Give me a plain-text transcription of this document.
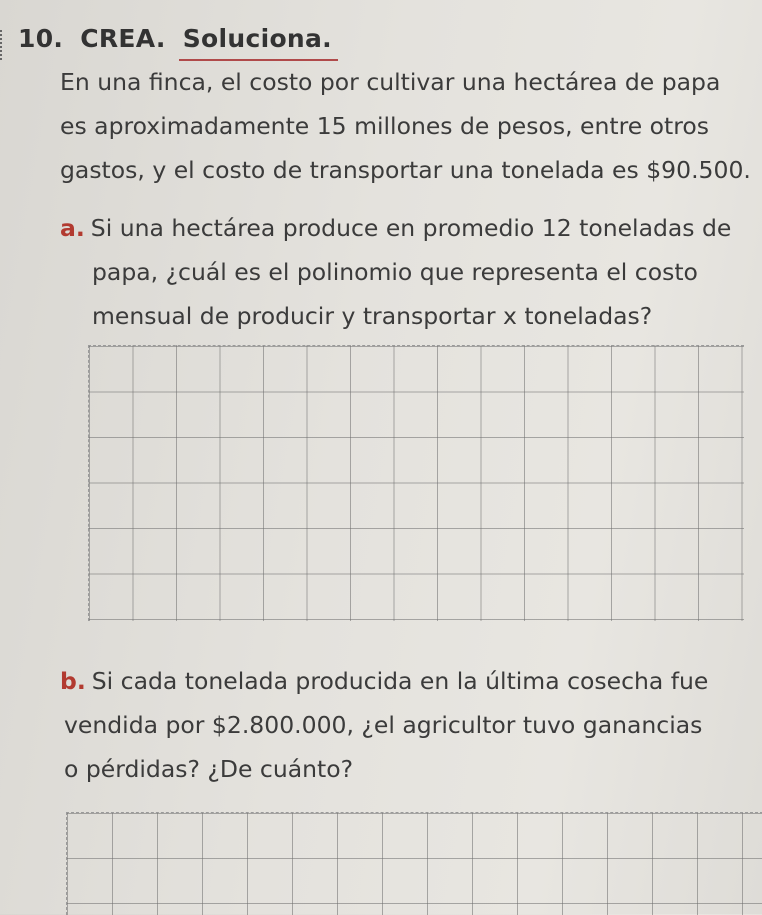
10. CREA. Soluciona.
En una finca, el costo por cultivar una hectárea de papa
es aproximadamente 15 millones de pesos, entre otros
gastos, y el costo de transportar una tonelada es $90.500.
a. Si una hectárea produce en promedio 12 toneladas de
papa, ¿cuál es el polinomio que representa el costo
mensual de producir y transportar x toneladas?
b. Si cada tonelada producida en la última cosecha fue
vendida por $2.800.000, ¿el agricultor tuvo ganancias
o pérdidas? ¿De cuánto?
